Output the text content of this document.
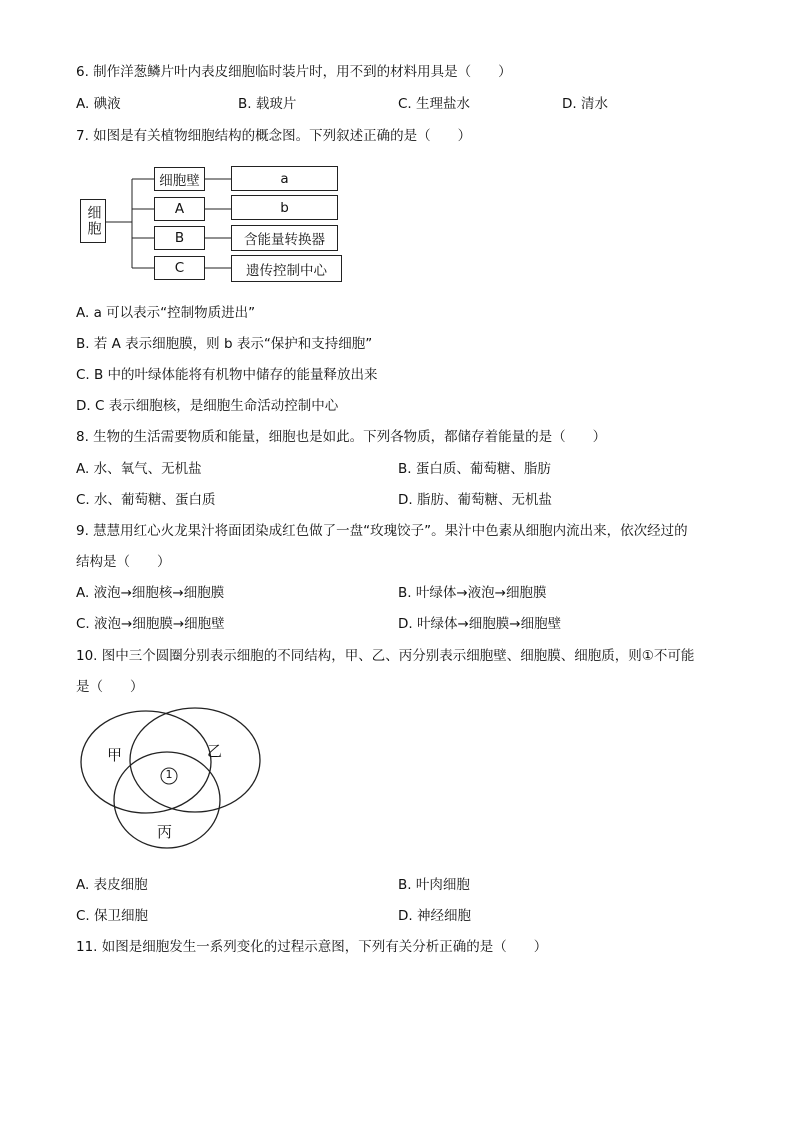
6. 制作洋葱鳞片叶内表皮细胞临时装片时，用不到的材料用具是（　　）
A. 碘液	B. 载玻片	C. 生理盐水	D. 清水
7. 如图是有关植物细胞结构的概念图。下列叙述正确的是（　　）
细胞
细胞壁
A
B
C
a
b
含能量转换器
遗传控制中心
A. a 可以表示“控制物质进出”
B. 若 A 表示细胞膜，则 b 表示“保护和支持细胞”
C. B 中的叶绿体能将有机物中储存的能量释放出来
D. C 表示细胞核，是细胞生命活动控制中心
8. 生物的生活需要物质和能量，细胞也是如此。下列各物质，都储存着能量的是（　　）
A. 水、氧气、无机盐	B. 蛋白质、葡萄糖、脂肪
C. 水、葡萄糖、蛋白质	D. 脂肪、葡萄糖、无机盐
9. 慧慧用红心火龙果汁将面团染成红色做了一盘“玫瑰饺子”。果汁中色素从细胞内流出来，依次经过的
结构是（　　）
A. 液泡→细胞核→细胞膜	B. 叶绿体→液泡→细胞膜
C. 液泡→细胞膜→细胞壁	D. 叶绿体→细胞膜→细胞壁
10. 图中三个圆圈分别表示细胞的不同结构，甲、乙、丙分别表示细胞壁、细胞膜、细胞质，则①不可能
是（　　）
甲	乙
丙
1
A. 表皮细胞	B. 叶肉细胞
C. 保卫细胞	D. 神经细胞
11. 如图是细胞发生一系列变化的过程示意图，下列有关分析正确的是（　　）
